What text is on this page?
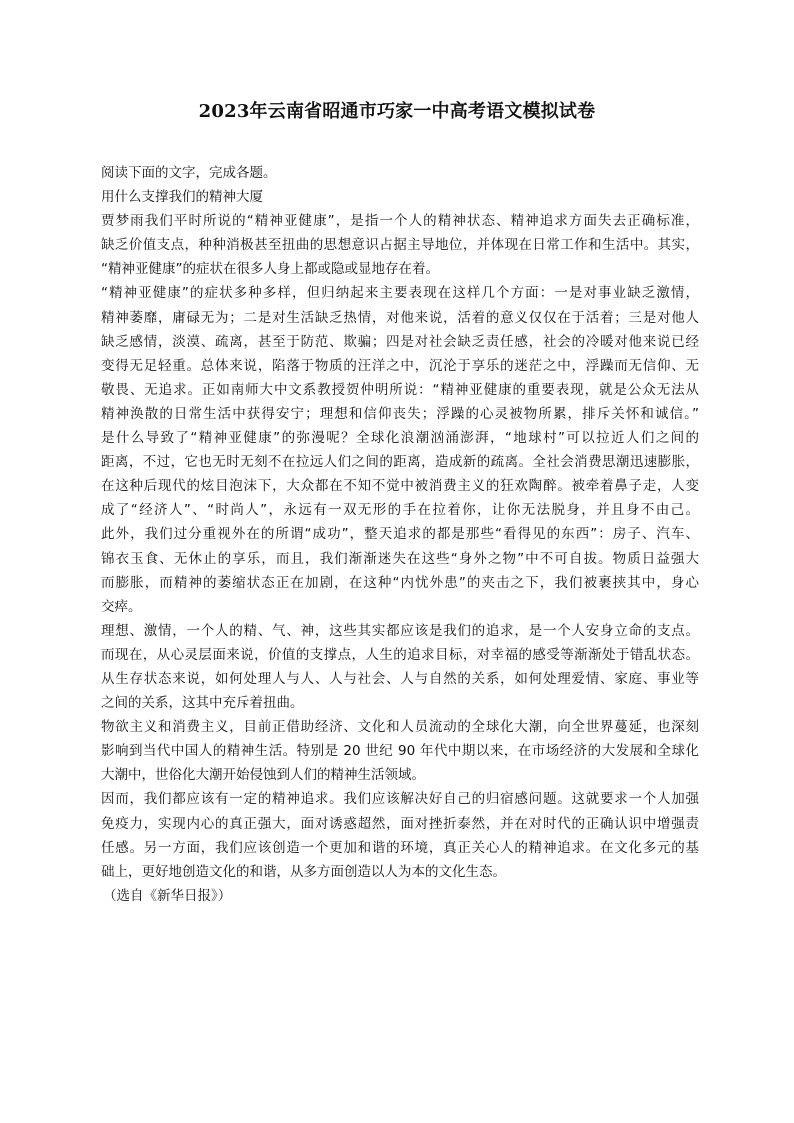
2023年云南省昭通市巧家一中高考语文模拟试卷
阅读下面的文字，完成各题。
用什么支撑我们的精神大厦
贾梦雨我们平时所说的“精神亚健康”，是指一个人的精神状态、精神追求方面失去正确标准，
缺乏价值支点，种种消极甚至扭曲的思想意识占据主导地位，并体现在日常工作和生活中。其实，
“精神亚健康”的症状在很多人身上都或隐或显地存在着。
“精神亚健康”的症状多种多样，但归纳起来主要表现在这样几个方面：一是对事业缺乏激情，
精神萎靡，庸碌无为；二是对生活缺乏热情，对他来说，活着的意义仅仅在于活着；三是对他人
缺乏感情，淡漠、疏离，甚至于防范、欺骗；四是对社会缺乏责任感，社会的冷暖对他来说已经
变得无足轻重。总体来说，陷落于物质的汪洋之中，沉沦于享乐的迷茫之中，浮躁而无信仰、无
敬畏、无追求。正如南师大中文系教授贺仲明所说：“精神亚健康的重要表现，就是公众无法从
精神涣散的日常生活中获得安宁；理想和信仰丧失；浮躁的心灵被物所累，排斥关怀和诚信。”
是什么导致了“精神亚健康”的弥漫呢？全球化浪潮汹涌澎湃，“地球村”可以拉近人们之间的
距离，不过，它也无时无刻不在拉远人们之间的距离，造成新的疏离。全社会消费思潮迅速膨胀，
在这种后现代的炫目泡沫下，大众都在不知不觉中被消费主义的狂欢陶醉。被牵着鼻子走，人变
成了“经济人”、“时尚人”，永远有一双无形的手在拉着你，让你无法脱身，并且身不由己。
此外，我们过分重视外在的所谓“成功”，整天追求的都是那些“看得见的东西”：房子、汽车、
锦衣玉食、无休止的享乐，而且，我们渐渐迷失在这些“身外之物”中不可自拔。物质日益强大
而膨胀，而精神的萎缩状态正在加剧，在这种“内忧外患”的夹击之下，我们被裹挟其中，身心
交瘁。
理想、激情，一个人的精、气、神，这些其实都应该是我们的追求，是一个人安身立命的支点。
而现在，从心灵层面来说，价值的支撑点，人生的追求目标，对幸福的感受等渐渐处于错乱状态。
从生存状态来说，如何处理人与人、人与社会、人与自然的关系，如何处理爱情、家庭、事业等
之间的关系，这其中充斥着扭曲。
物欲主义和消费主义，目前正借助经济、文化和人员流动的全球化大潮，向全世界蔓延，也深刻
影响到当代中国人的精神生活。特别是 20 世纪 90 年代中期以来，在市场经济的大发展和全球化
大潮中，世俗化大潮开始侵蚀到人们的精神生活领域。
因而，我们都应该有一定的精神追求。我们应该解决好自己的归宿感问题。这就要求一个人加强
免疫力，实现内心的真正强大，面对诱惑超然，面对挫折泰然，并在对时代的正确认识中增强责
任感。另一方面，我们应该创造一个更加和谐的环境，真正关心人的精神追求。在文化多元的基
础上，更好地创造文化的和谐，从多方面创造以人为本的文化生态。
（选自《新华日报》）
